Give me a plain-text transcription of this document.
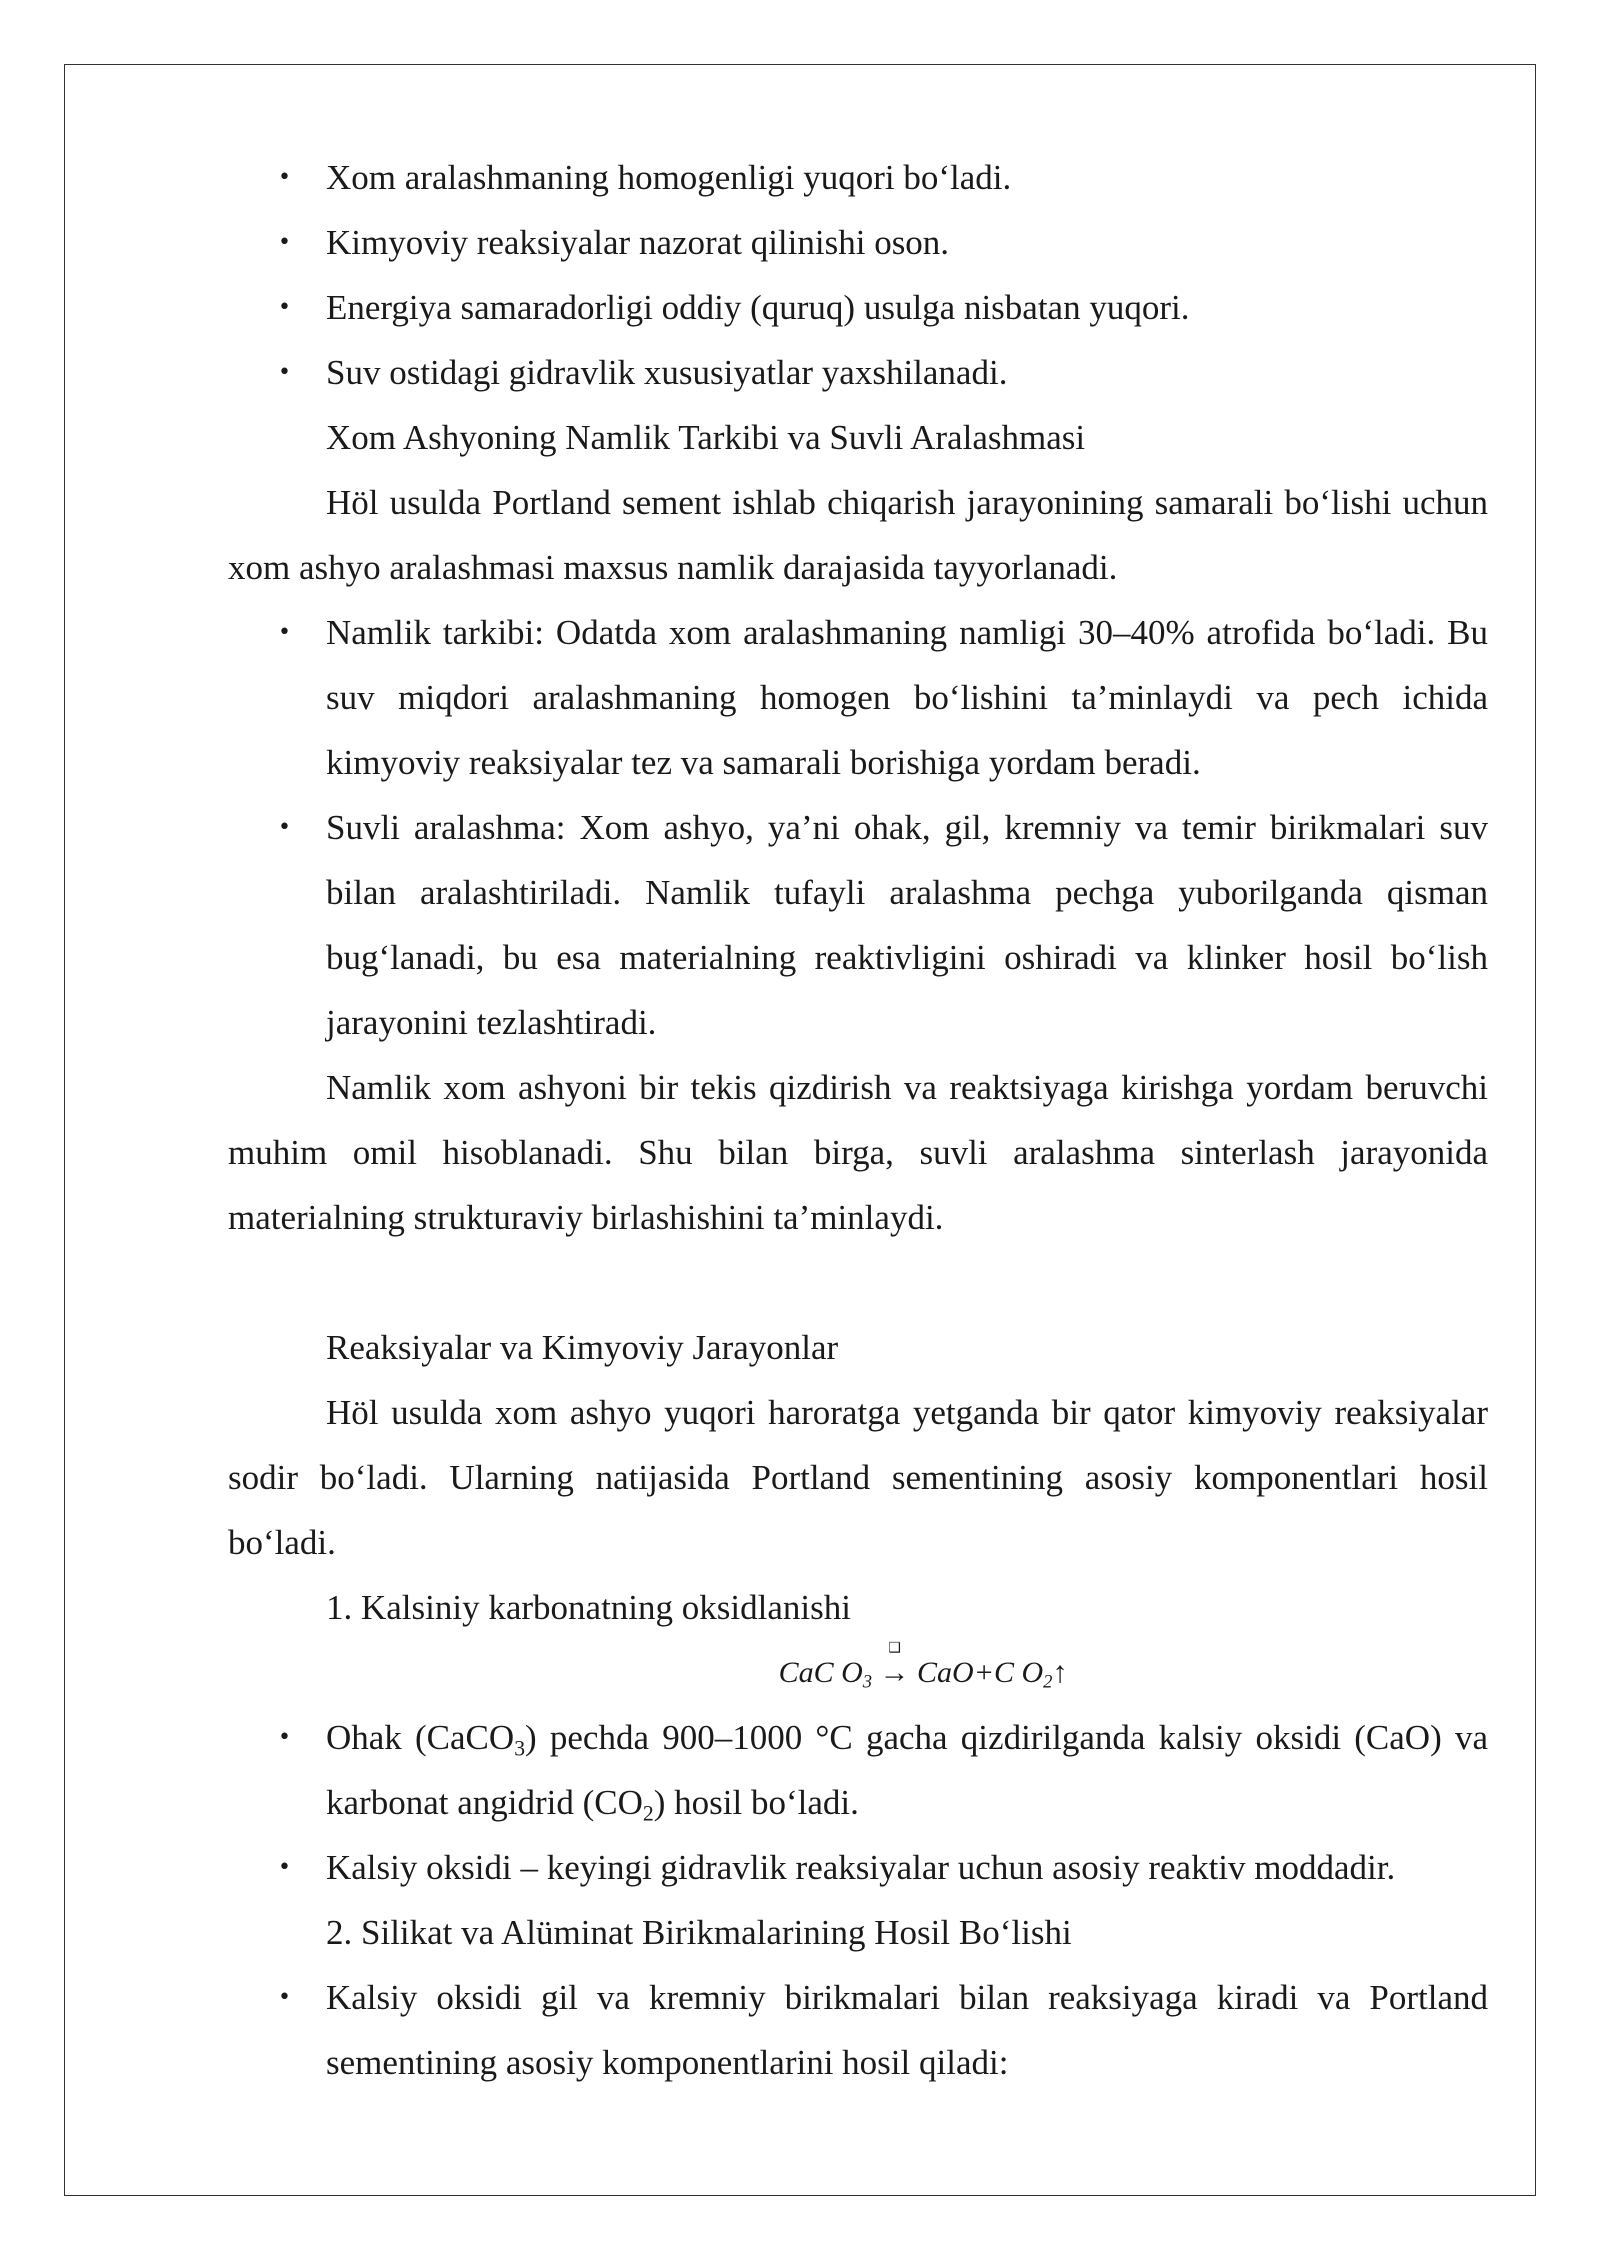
• Xom aralashmaning homogenligi yuqori bo‘ladi.
• Kimyoviy reaksiyalar nazorat qilinishi oson.
• Energiya samaradorligi oddiy (quruq) usulga nisbatan yuqori.
• Suv ostidagi gidravlik xususiyatlar yaxshilanadi.

Xom Ashyoning Namlik Tarkibi va Suvli Aralashmasi

Höl usulda Portland sement ishlab chiqarish jarayonining samarali bo‘lishi uchun xom ashyo aralashmasi maxsus namlik darajasida tayyorlanadi.

• Namlik tarkibi: Odatda xom aralashmaning namligi 30–40% atrofida bo‘ladi. Bu suv miqdori aralashmaning homogen bo‘lishini ta’minlaydi va pech ichida kimyoviy reaksiyalar tez va samarali borishiga yordam beradi.
• Suvli aralashma: Xom ashyo, ya’ni ohak, gil, kremniy va temir birikmalari suv bilan aralashtiriladi. Namlik tufayli aralashma pechga yuborilganda qisman bug‘lanadi, bu esa materialning reaktivligini oshiradi va klinker hosil bo‘lish jarayonini tezlashtiradi.

Namlik xom ashyoni bir tekis qizdirish va reaktsiyaga kirishga yordam beruvchi muhim omil hisoblanadi. Shu bilan birga, suvli aralashma sinterlash jarayonida materialning strukturaviy birlashishini ta’minlaydi.

Reaksiyalar va Kimyoviy Jarayonlar

Höl usulda xom ashyo yuqori haroratga yetganda bir qator kimyoviy reaksiyalar sodir bo‘ladi. Ularning natijasida Portland sementining asosiy komponentlari hosil bo‘ladi.

1. Kalsiniy karbonatning oksidlanishi

CaC $O_3$
❑
→ CaO+C $O_2↑$
• Ohak (CaCO$_3$) pechda 900–1000 °C gacha qizdirilganda kalsiy oksidi (CaO) va karbonat angidrid $(CO_2)$ hosil bo‘ladi.
• Kalsiy oksidi – keyingi gidravlik reaksiyalar uchun asosiy reaktiv moddadir.

2. Silikat va Alüminat Birikmalarining Hosil Bo‘lishi

• Kalsiy oksidi gil va kremniy birikmalari bilan reaksiyaga kiradi va Portland sementining asosiy komponentlarini hosil qiladi:
